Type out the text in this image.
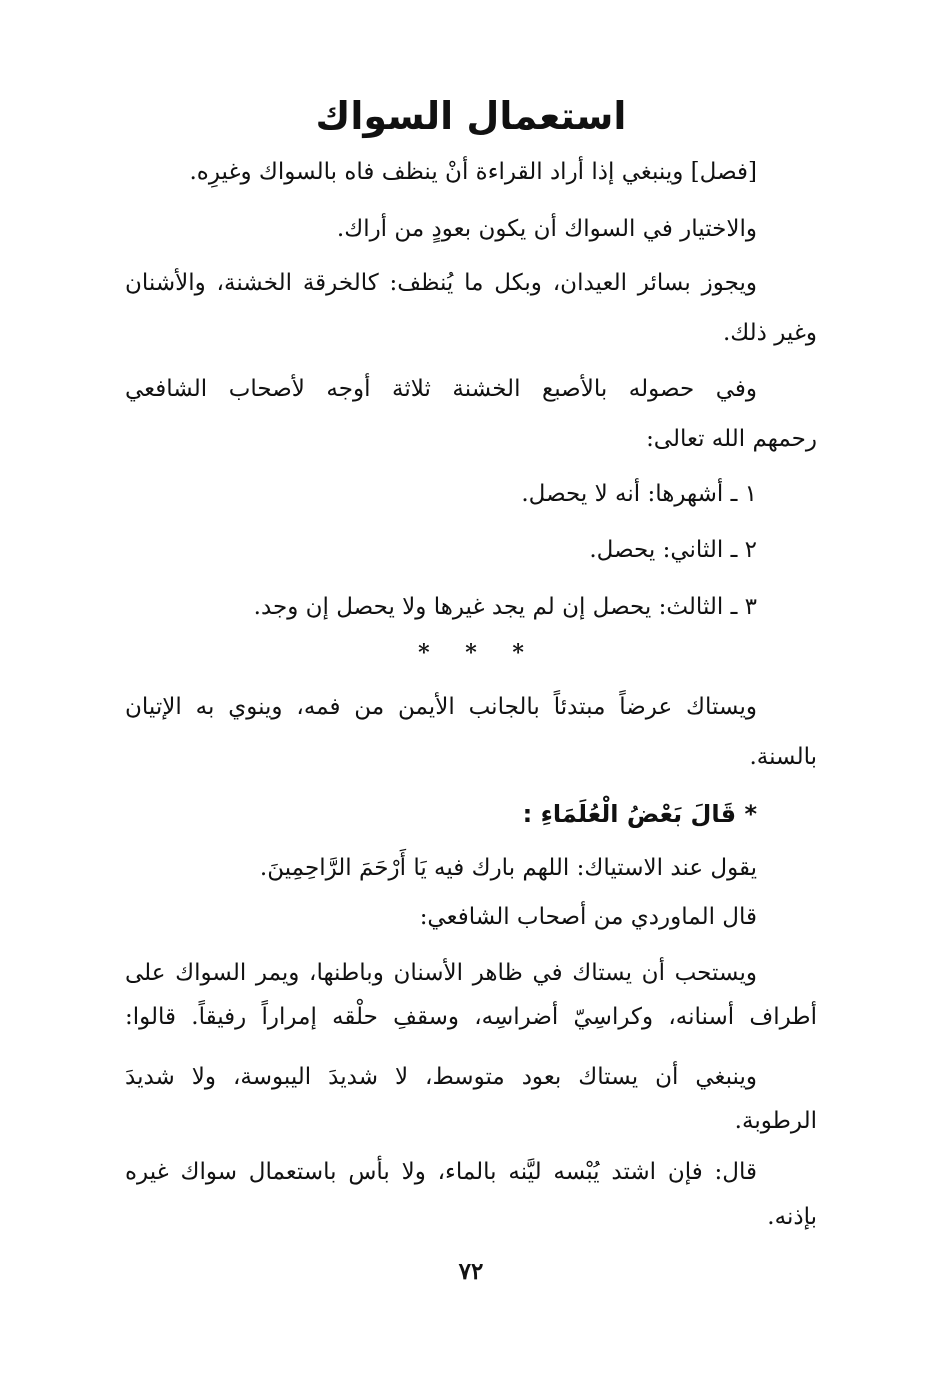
استعمال السواك
[فصل] وينبغي إذا أراد القراءة أنْ ينظف فاه بالسواك وغيرِه.
والاختيار في السواك أن يكون بعودٍ من أراك.
ويجوز بسائر العيدان، وبكل ما يُنظف: كالخرقة الخشنة، والأشنان
وغير ذلك.
وفي حصوله بالأصبع الخشنة ثلاثة أوجه لأصحاب الشافعي
رحمهم الله تعالى:
١ ـ أشهرها: أنه لا يحصل.
٢ ـ الثاني: يحصل.
٣ ـ الثالث: يحصل إن لم يجد غيرها ولا يحصل إن وجد.
* * *
ويستاك عرضاً مبتدئاً بالجانب الأيمن من فمه، وينوي به الإتيان
بالسنة.
* قَالَ بَعْضُ الْعُلَمَاءِ :
يقول عند الاستياك: اللهم بارك فيه يَا أَرْحَمَ الرَّاحِمِينَ.
قال الماوردي من أصحاب الشافعي:
ويستحب أن يستاك في ظاهر الأسنان وباطنها، ويمر السواك على
أطراف أسنانه، وكراسِيّ أضراسِه، وسقفِ حلْقه إمراراً رفيقاً. قالوا:
وينبغي أن يستاك بعود متوسط، لا شديدَ اليبوسة، ولا شديدَ
الرطوبة.
قال: فإن اشتد يُبْسه ليَّنه بالماء، ولا بأس باستعمال سواك غيره
بإذنه.
٧٢
